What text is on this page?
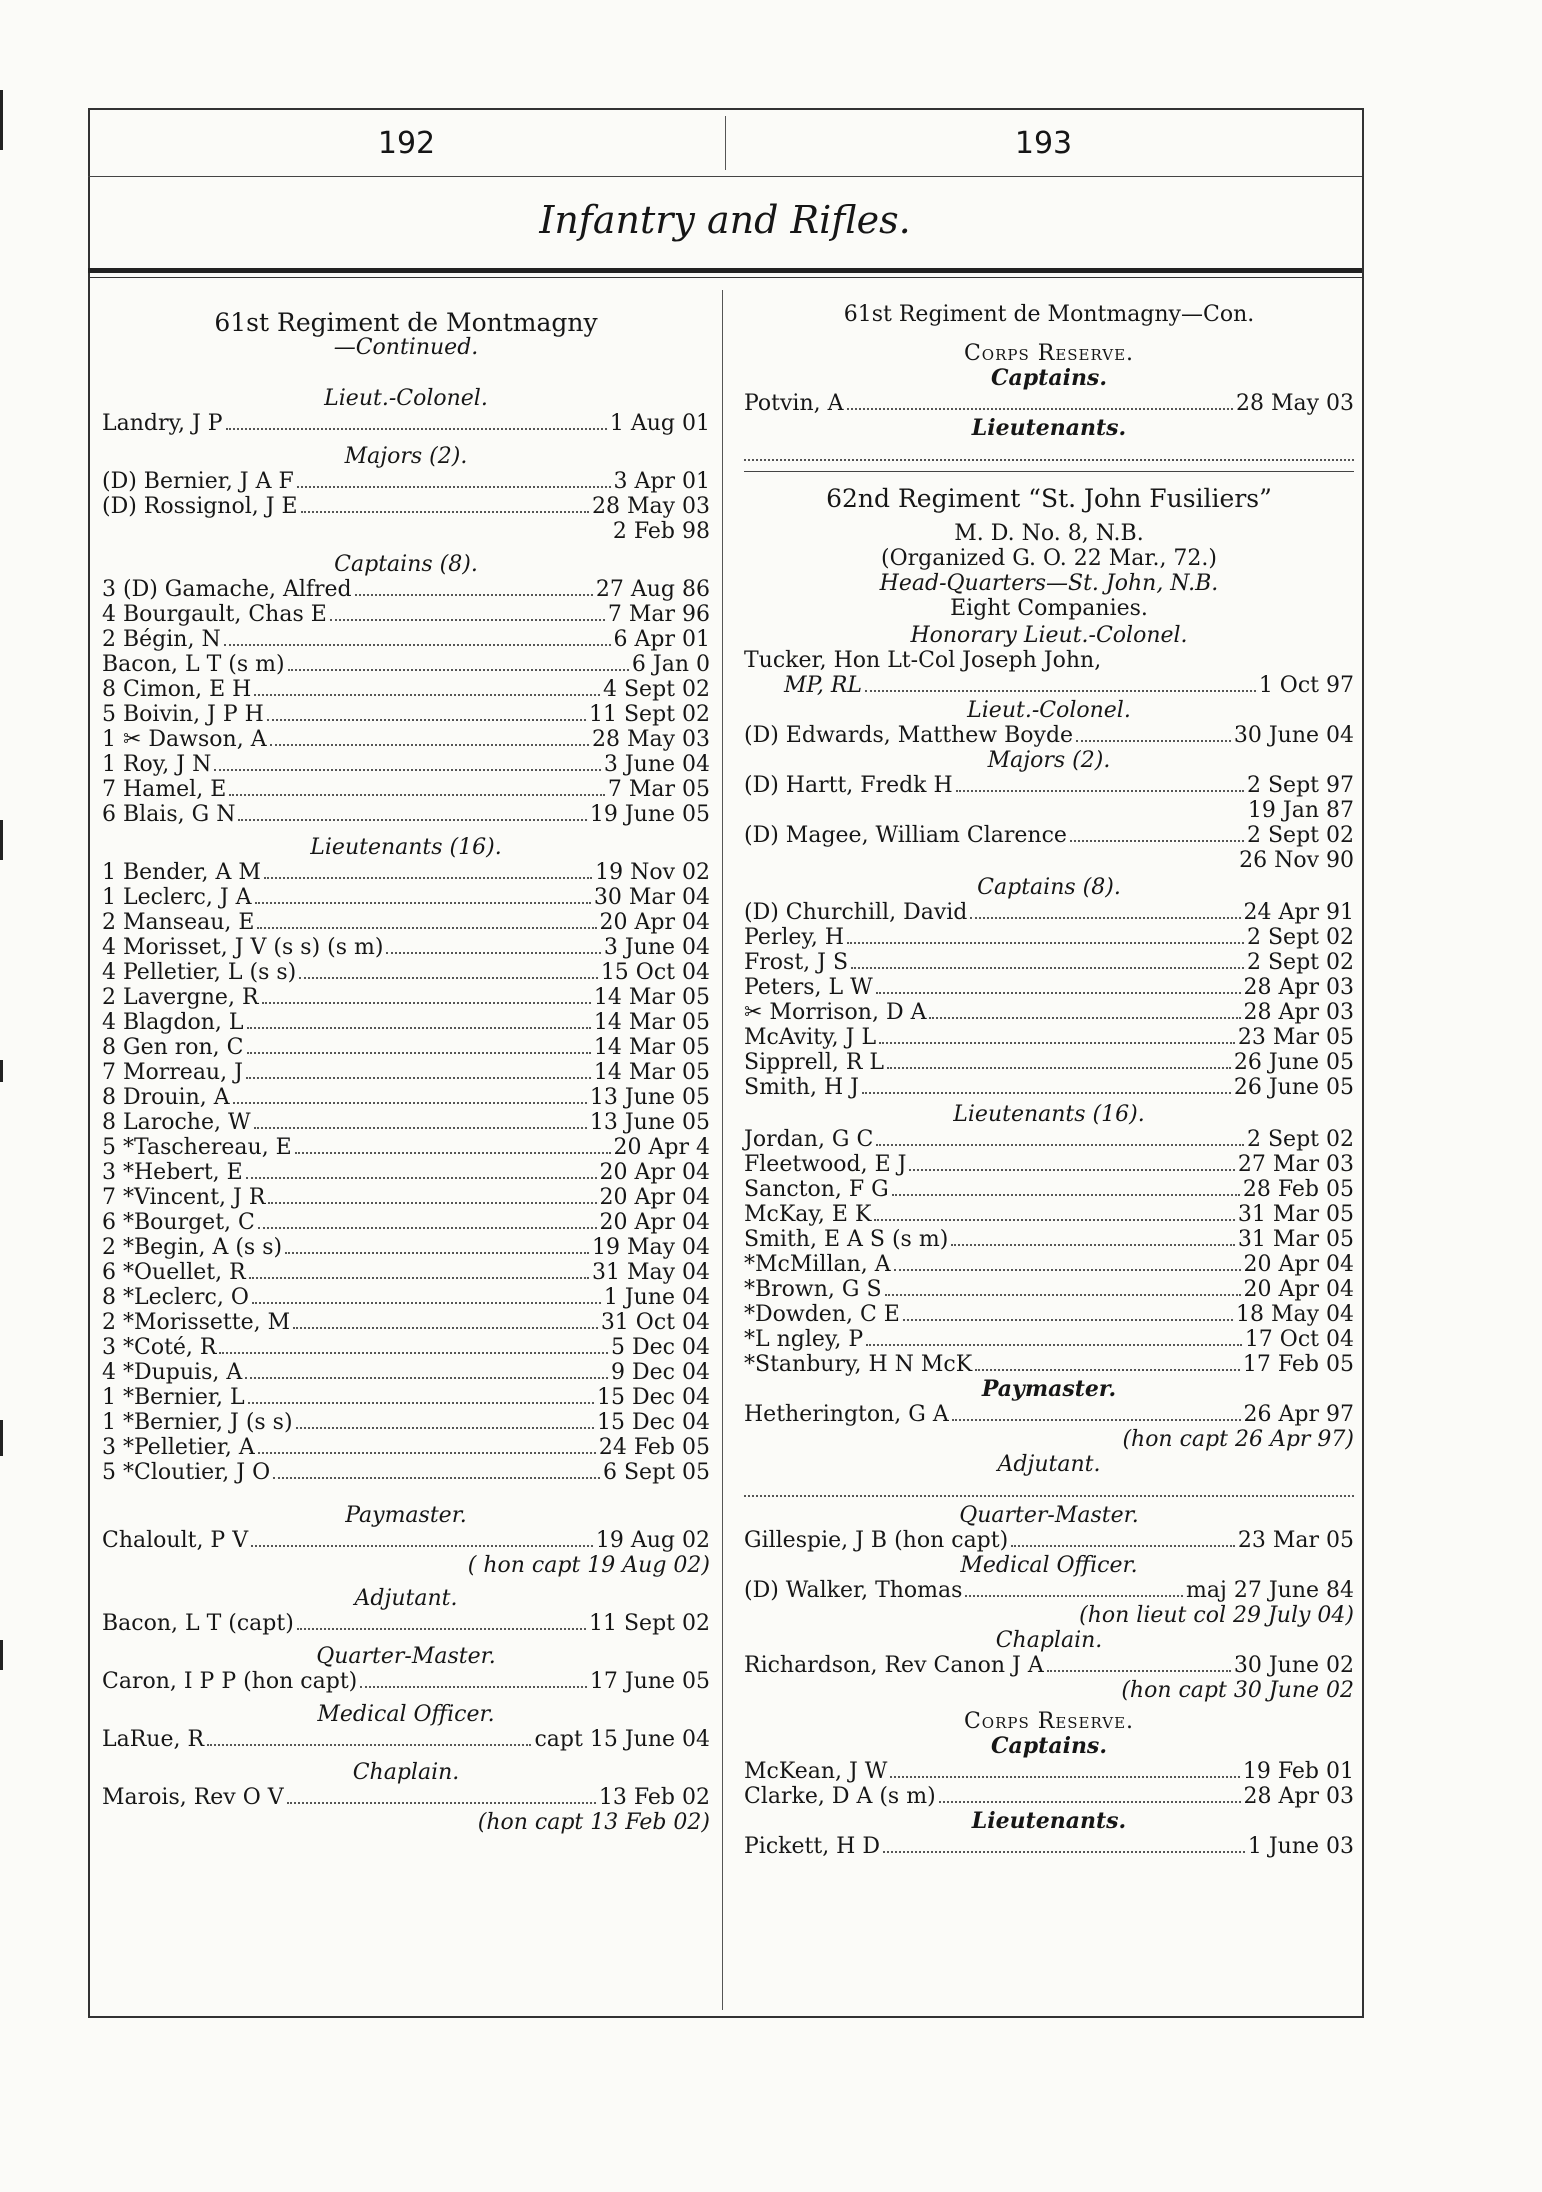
192	193
Infantry and Rifles.
61st Regiment de Montmagny
—Continued.
Lieut.-Colonel.
Landry, J P	1 Aug 01
Majors (2).
(D) Bernier, J A F	3 Apr 01
(D) Rossignol, J E	28 May 03
2 Feb 98
Captains (8).
3 (D) Gamache, Alfred	27 Aug 86
4 Bourgault, Chas E	7 Mar 96
2 Bégin, N	6 Apr 01
Bacon, L T (s m)	6 Jan 0
8 Cimon, E H	4 Sept 02
5 Boivin, J P H	11 Sept 02
1 ✂ Dawson, A	28 May 03
1 Roy, J N	3 June 04
7 Hamel, E	7 Mar 05
6 Blais, G N	19 June 05
Lieutenants (16).
1 Bender, A M	19 Nov 02
1 Leclerc, J A	30 Mar 04
2 Manseau, E	20 Apr 04
4 Morisset, J V (s s) (s m)	3 June 04
4 Pelletier, L (s s)	15 Oct 04
2 Lavergne, R	14 Mar 05
4 Blagdon, L	14 Mar 05
8 Gen ron, C	14 Mar 05
7 Morreau, J	14 Mar 05
8 Drouin, A	13 June 05
8 Laroche, W	13 June 05
5 *Taschereau, E	20 Apr 4
3 *Hebert, E	20 Apr 04
7 *Vincent, J R	20 Apr 04
6 *Bourget, C	20 Apr 04
2 *Begin, A (s s)	19 May 04
6 *Ouellet, R	31 May 04
8 *Leclerc, O	1 June 04
2 *Morissette, M	31 Oct 04
3 *Coté, R	5 Dec 04
4 *Dupuis, A	9 Dec 04
1 *Bernier, L	15 Dec 04
1 *Bernier, J (s s)	15 Dec 04
3 *Pelletier, A	24 Feb 05
5 *Cloutier, J O	6 Sept 05
Paymaster.
Chaloult, P V	19 Aug 02
( hon capt 19 Aug 02)
Adjutant.
Bacon, L T (capt)	11 Sept 02
Quarter-Master.
Caron, I P P (hon capt)	17 June 05
Medical Officer.
LaRue, R	capt 15 June 04
Chaplain.
Marois, Rev O V	13 Feb 02
(hon capt 13 Feb 02)
61st Regiment de Montmagny—Con.
Corps Reserve.
Captains.
Potvin, A	28 May 03
Lieutenants.
62nd Regiment “St. John Fusiliers”
M. D. No. 8, N.B.
(Organized G. O. 22 Mar., 72.)
Head-Quarters—St. John, N.B.
Eight Companies.
Honorary Lieut.-Colonel.
Tucker, Hon Lt-Col Joseph John,
MP, RL	1 Oct 97
Lieut.-Colonel.
(D) Edwards, Matthew Boyde	30 June 04
Majors (2).
(D) Hartt, Fredk H	2 Sept 97
19 Jan 87
(D) Magee, William Clarence	2 Sept 02
26 Nov 90
Captains (8).
(D) Churchill, David	24 Apr 91
Perley, H	2 Sept 02
Frost, J S	2 Sept 02
Peters, L W	28 Apr 03
✂ Morrison, D A	28 Apr 03
McAvity, J L	23 Mar 05
Sipprell, R L	26 June 05
Smith, H J	26 June 05
Lieutenants (16).
Jordan, G C	2 Sept 02
Fleetwood, E J	27 Mar 03
Sancton, F G	28 Feb 05
McKay, E K	31 Mar 05
Smith, E A S (s m)	31 Mar 05
*McMillan, A	20 Apr 04
*Brown, G S	20 Apr 04
*Dowden, C E	18 May 04
*L ngley, P	17 Oct 04
*Stanbury, H N McK	17 Feb 05
Paymaster.
Hetherington, G A	26 Apr 97
(hon capt 26 Apr 97)
Adjutant.
Quarter-Master.
Gillespie, J B (hon capt)	23 Mar 05
Medical Officer.
(D) Walker, Thomas	maj 27 June 84
(hon lieut col 29 July 04)
Chaplain.
Richardson, Rev Canon J A	30 June 02
(hon capt 30 June 02
Corps Reserve.
Captains.
McKean, J W	19 Feb 01
Clarke, D A (s m)	28 Apr 03
Lieutenants.
Pickett, H D	1 June 03
